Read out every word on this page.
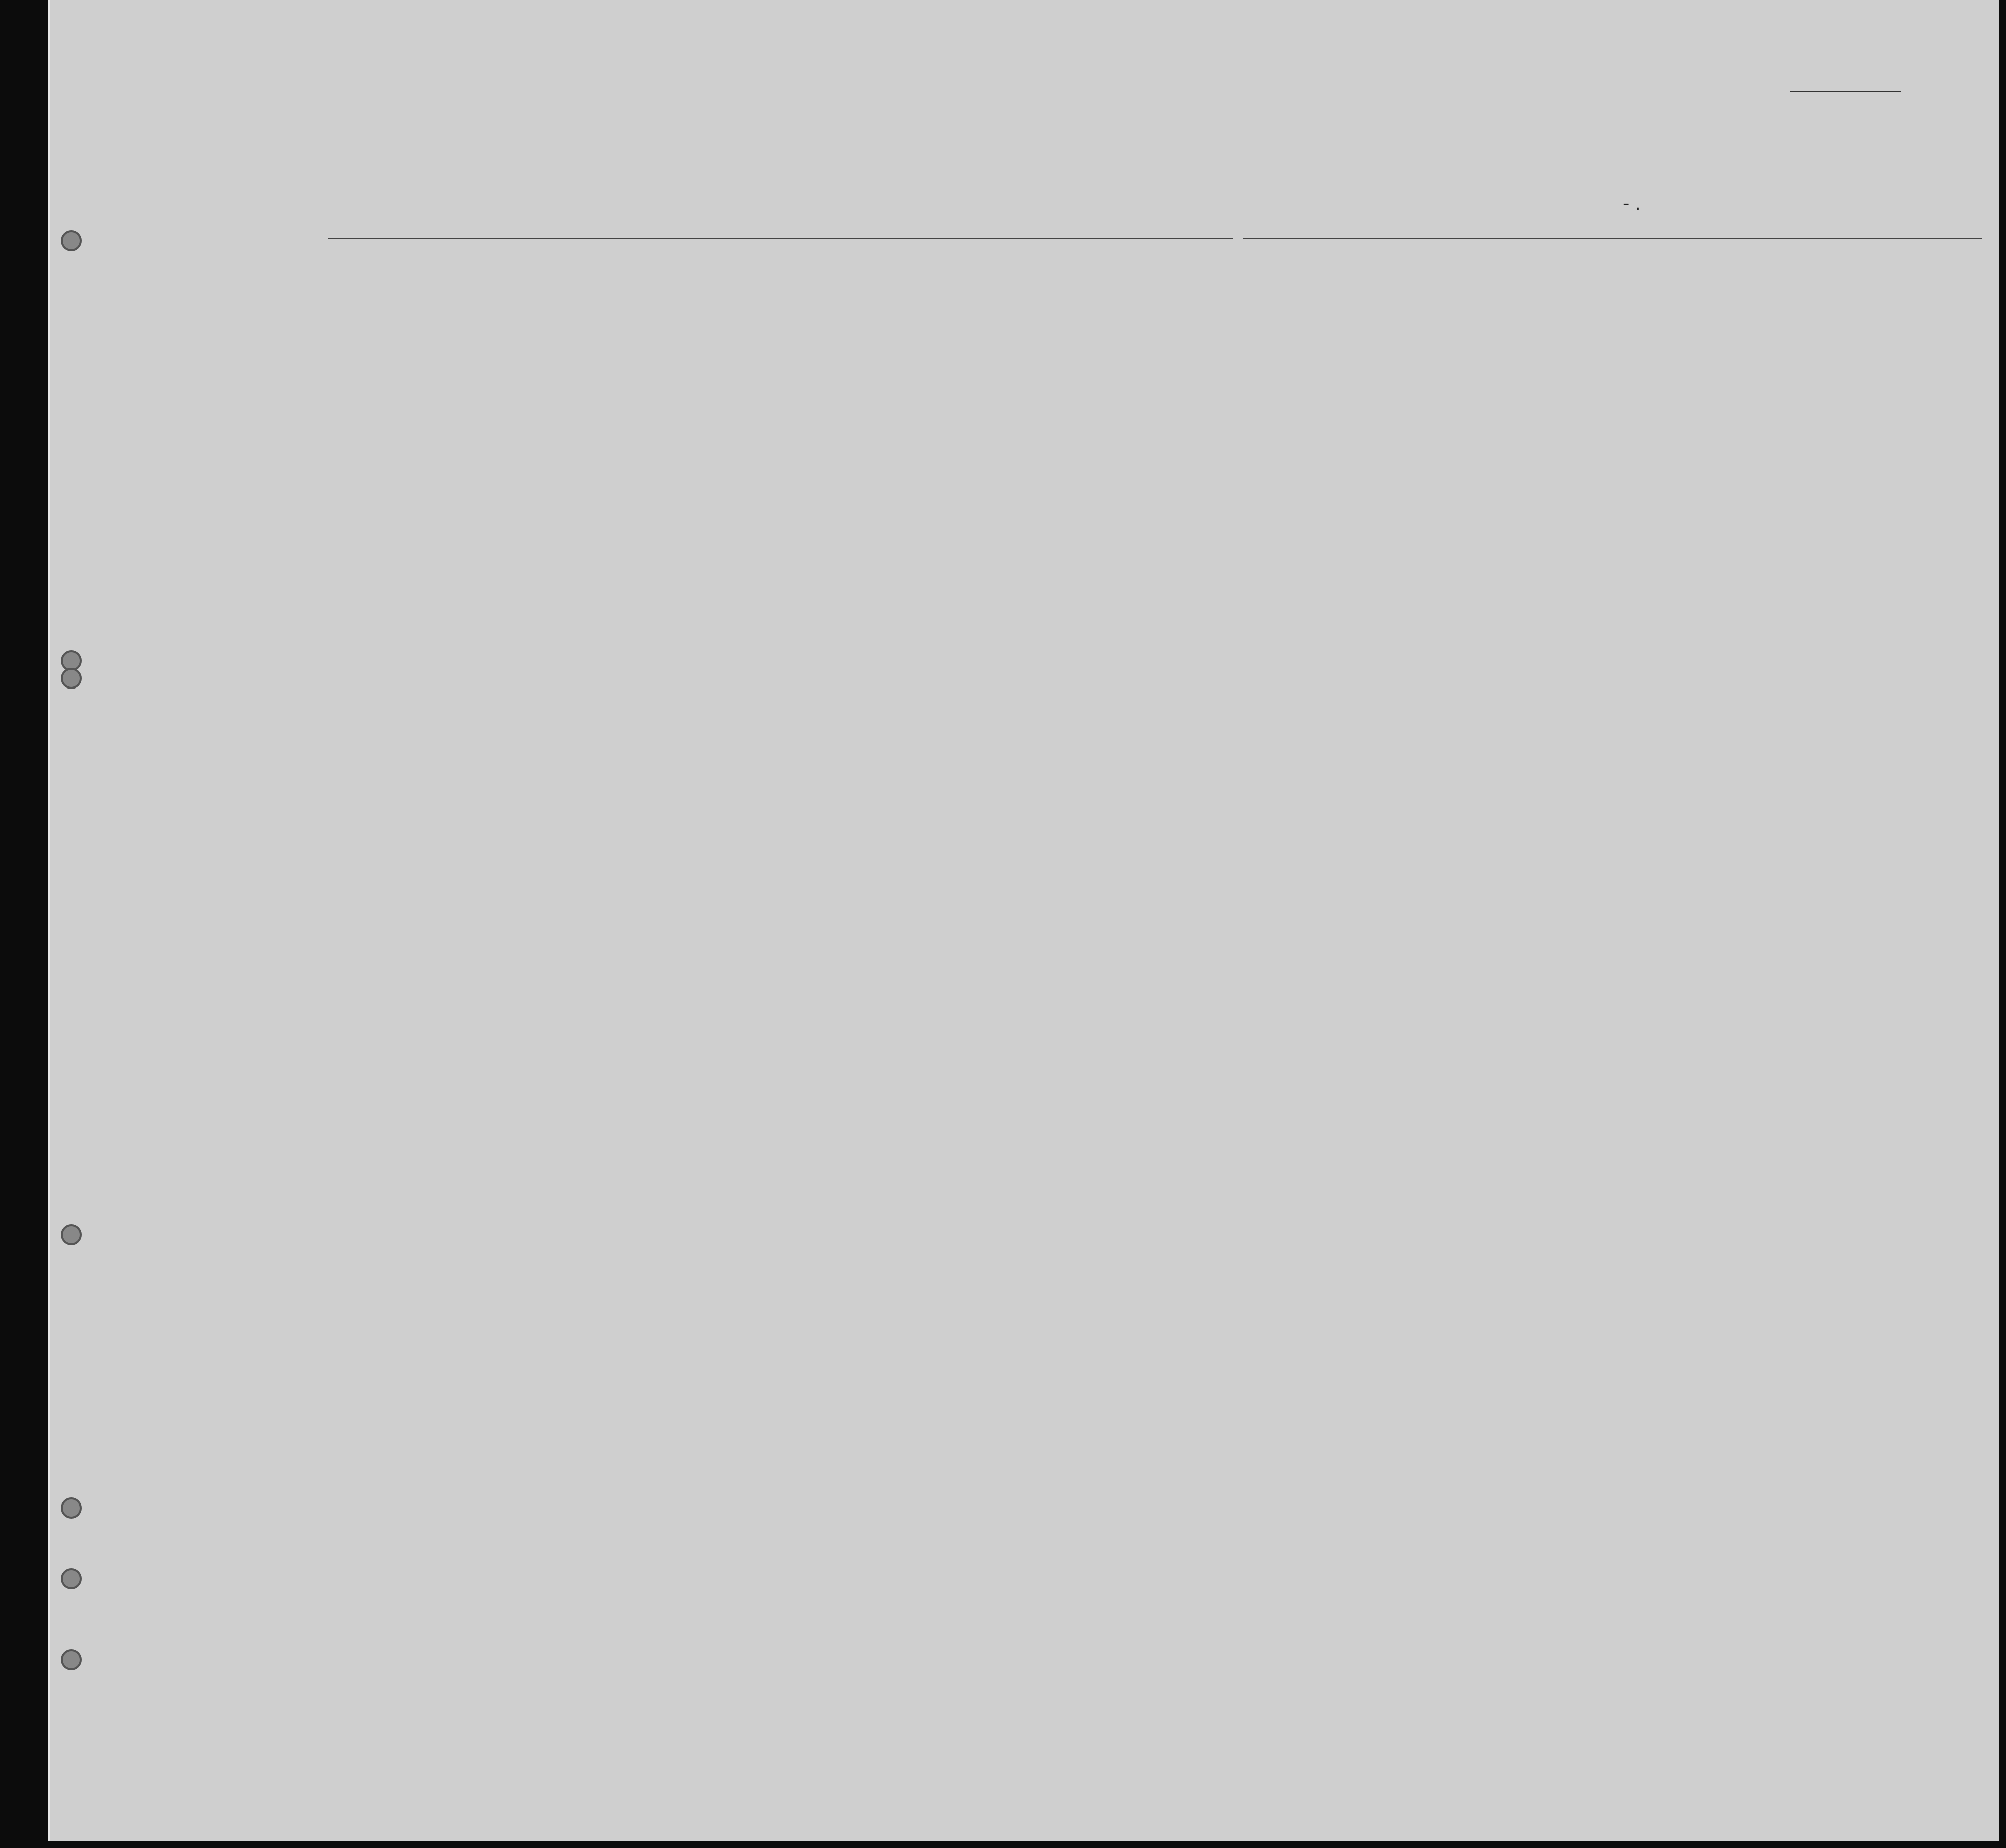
- .
